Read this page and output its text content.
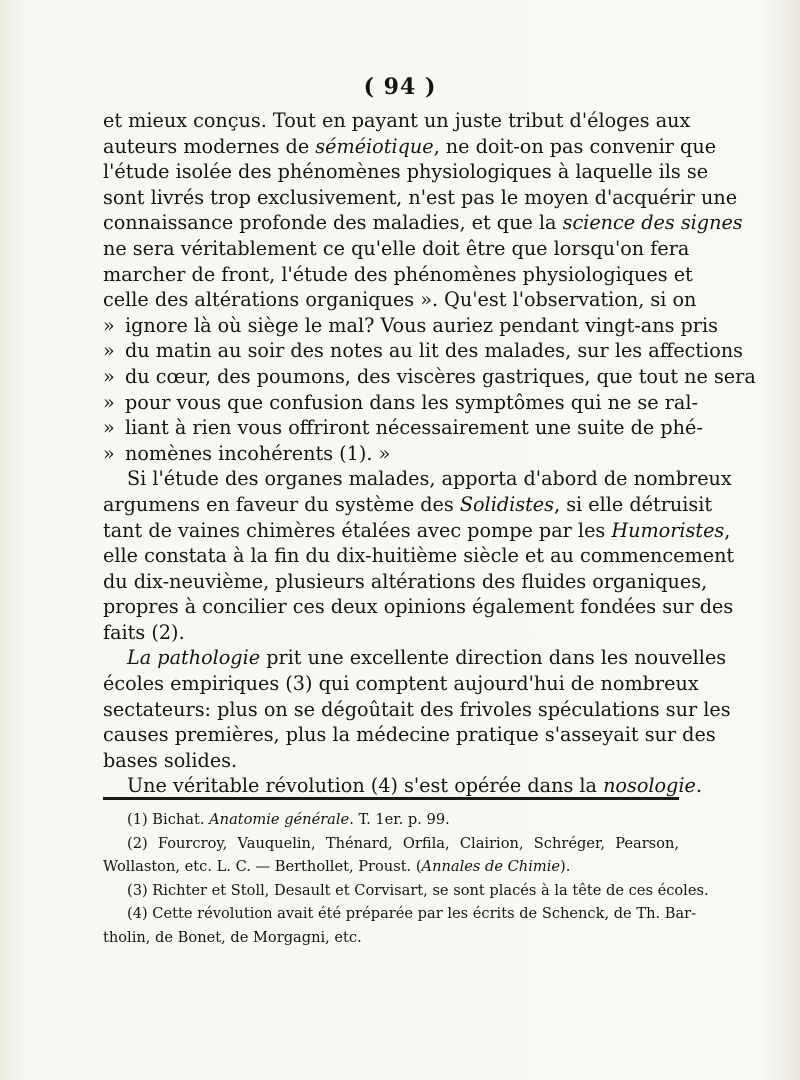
( 94 )
et mieux conçus. Tout en payant un juste tribut d'éloges aux
auteurs modernes de séméiotique, ne doit-on pas convenir que
l'étude isolée des phénomènes physiologiques à laquelle ils se
sont livrés trop exclusivement, n'est pas le moyen d'acquérir une
connaissance profonde des maladies, et que la science des signes
ne sera véritablement ce qu'elle doit être que lorsqu'on fera
marcher de front, l'étude des phénomènes physiologiques et
celle des altérations organiques ». Qu'est l'observation, si on
» ignore là où siège le mal? Vous auriez pendant vingt-ans pris
» du matin au soir des notes au lit des malades, sur les affections
» du cœur, des poumons, des viscères gastriques, que tout ne sera
» pour vous que confusion dans les symptômes qui ne se ral-
» liant à rien vous offriront nécessairement une suite de phé-
» nomènes incohérents (1). »
Si l'étude des organes malades, apporta d'abord de nombreux
argumens en faveur du système des Solidistes, si elle détruisit
tant de vaines chimères étalées avec pompe par les Humoristes,
elle constata à la fin du dix-huitième siècle et au commencement
du dix-neuvième, plusieurs altérations des fluides organiques,
propres à concilier ces deux opinions également fondées sur des
faits (2).
La pathologie prit une excellente direction dans les nouvelles
écoles empiriques (3) qui comptent aujourd'hui de nombreux
sectateurs: plus on se dégoûtait des frivoles spéculations sur les
causes premières, plus la médecine pratique s'asseyait sur des
bases solides.
Une véritable révolution (4) s'est opérée dans la nosologie.
(1) Bichat. Anatomie générale. T. 1er. p. 99.
(2) Fourcroy, Vauquelin, Thénard, Orfila, Clairion, Schréger, Pearson,
Wollaston, etc. L. C. — Berthollet, Proust. (Annales de Chimie).
(3) Richter et Stoll, Desault et Corvisart, se sont placés à la tête de ces écoles.
(4) Cette révolution avait été préparée par les écrits de Schenck, de Th. Bar-
tholin, de Bonet, de Morgagni, etc.
